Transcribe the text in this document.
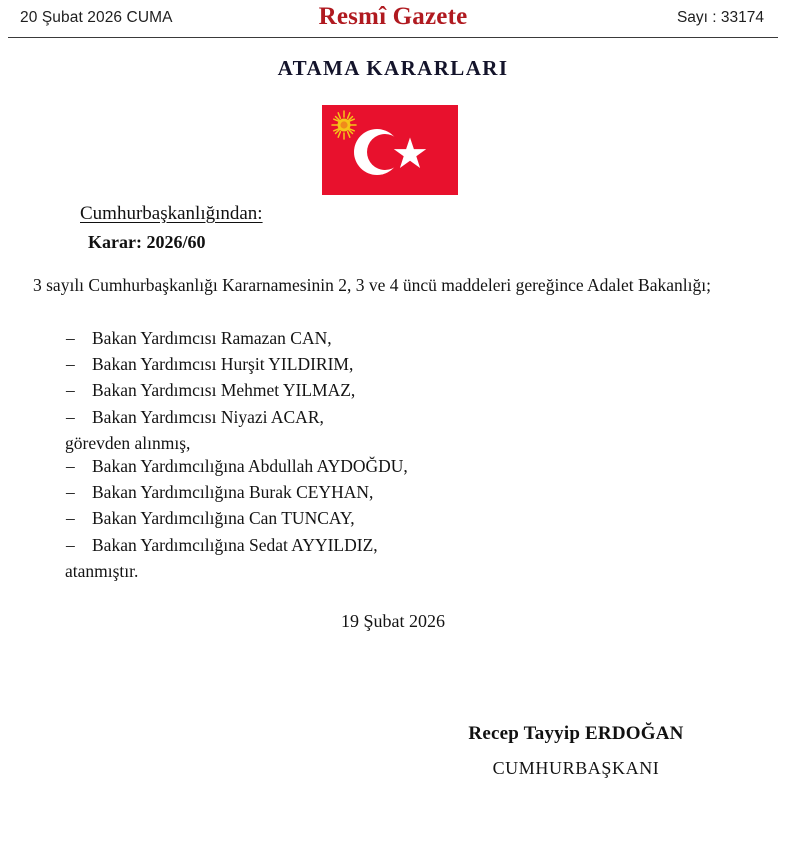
20 Şubat 2026 CUMA	Resmî Gazete	Sayı : 33174
ATAMA KARARLARI
Cumhurbaşkanlığından:
Karar: 2026/60
3 sayılı Cumhurbaşkanlığı Kararnamesinin 2, 3 ve 4 üncü maddeleri gereğince Adalet Bakanlığı;
– Bakan Yardımcısı Ramazan CAN,
– Bakan Yardımcısı Hurşit YILDIRIM,
– Bakan Yardımcısı Mehmet YILMAZ,
– Bakan Yardımcısı Niyazi ACAR,
görevden alınmış,
– Bakan Yardımcılığına Abdullah AYDOĞDU,
– Bakan Yardımcılığına Burak CEYHAN,
– Bakan Yardımcılığına Can TUNCAY,
– Bakan Yardımcılığına Sedat AYYILDIZ,
atanmıştır.
19 Şubat 2026
Recep Tayyip ERDOĞAN
CUMHURBAŞKANI
